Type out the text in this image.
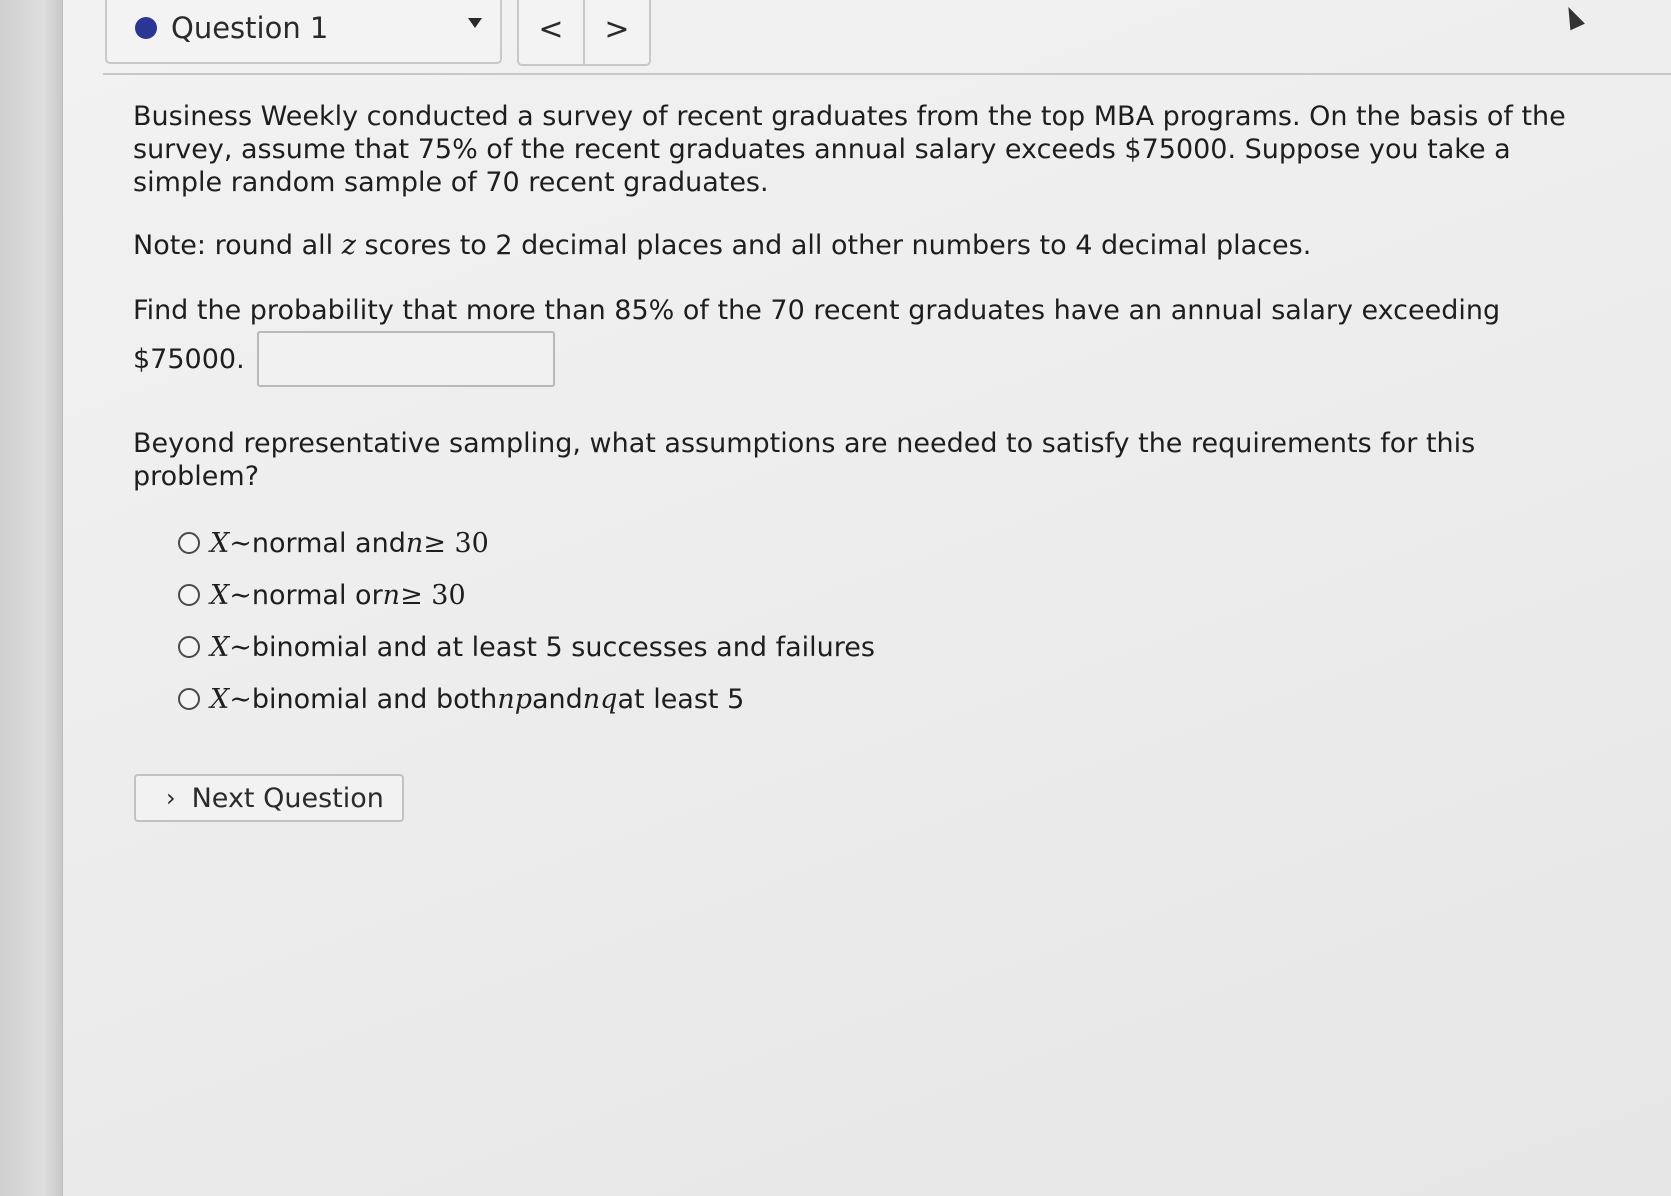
Question 1	<	>

Business Weekly conducted a survey of recent graduates from the top MBA programs. On the basis of the survey, assume that 75% of the recent graduates annual salary exceeds $75000. Suppose you take a simple random sample of 70 recent graduates.

Note: round all z scores to 2 decimal places and all other numbers to 4 decimal places.

Find the probability that more than 85% of the 70 recent graduates have an annual salary exceeding

$75000.

Beyond representative sampling, what assumptions are needed to satisfy the requirements for this problem?

X ∼ normal and n ≥ 30
X ∼ normal or n ≥ 30
X ∼ binomial and at least 5 successes and failures
X ∼ binomial and both np and nq at least 5
› Next Question
